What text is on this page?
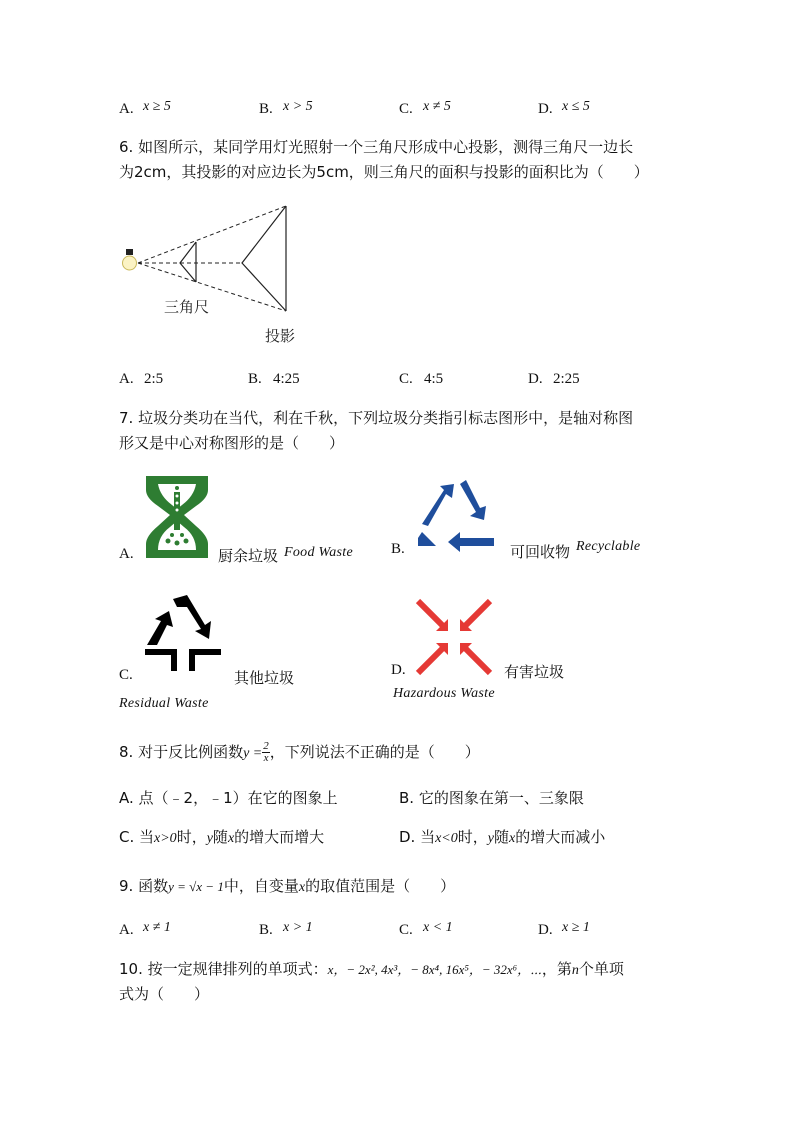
A. x ≥ 5	B. x > 5	C. x ≠ 5	D. x ≤ 5
6. 如图所示，某同学用灯光照射一个三角尺形成中心投影，测得三角尺一边长
为2cm，其投影的对应边长为5cm，则三角尺的面积与投影的面积比为（　　）
三角尺
投影
A. 2:5	B. 4:25	C. 4:5	D. 2:25
7. 垃圾分类功在当代，利在千秋，下列垃圾分类指引标志图形中，是轴对称图
形又是中心对称图形的是（　　）
A.	厨余垃圾 Food Waste	B.	可回收物 Recyclable
C.	其他垃圾
Residual Waste
D.	有害垃圾
Hazardous Waste
8. 对于反比例函数$y = \frac{2}{x}$ ，下列说法不正确的是（　　）
A. 点（﹣2，﹣1）在它的图象上	B. 它的图象在第一、三象限
C. 当x>0时，y随x的增大而增大	D. 当x<0时，y随x的增大而减小
9. 函数y = √x − 1中，自变量x的取值范围是（　　）
A. x ≠ 1	B. x > 1	C. x < 1	D. x ≥ 1
10. 按一定规律排列的单项式：x，− 2x², 4x³，− 8x⁴, 16x⁵，− 32x⁶，⋯，第n个单项
式为（　　）
